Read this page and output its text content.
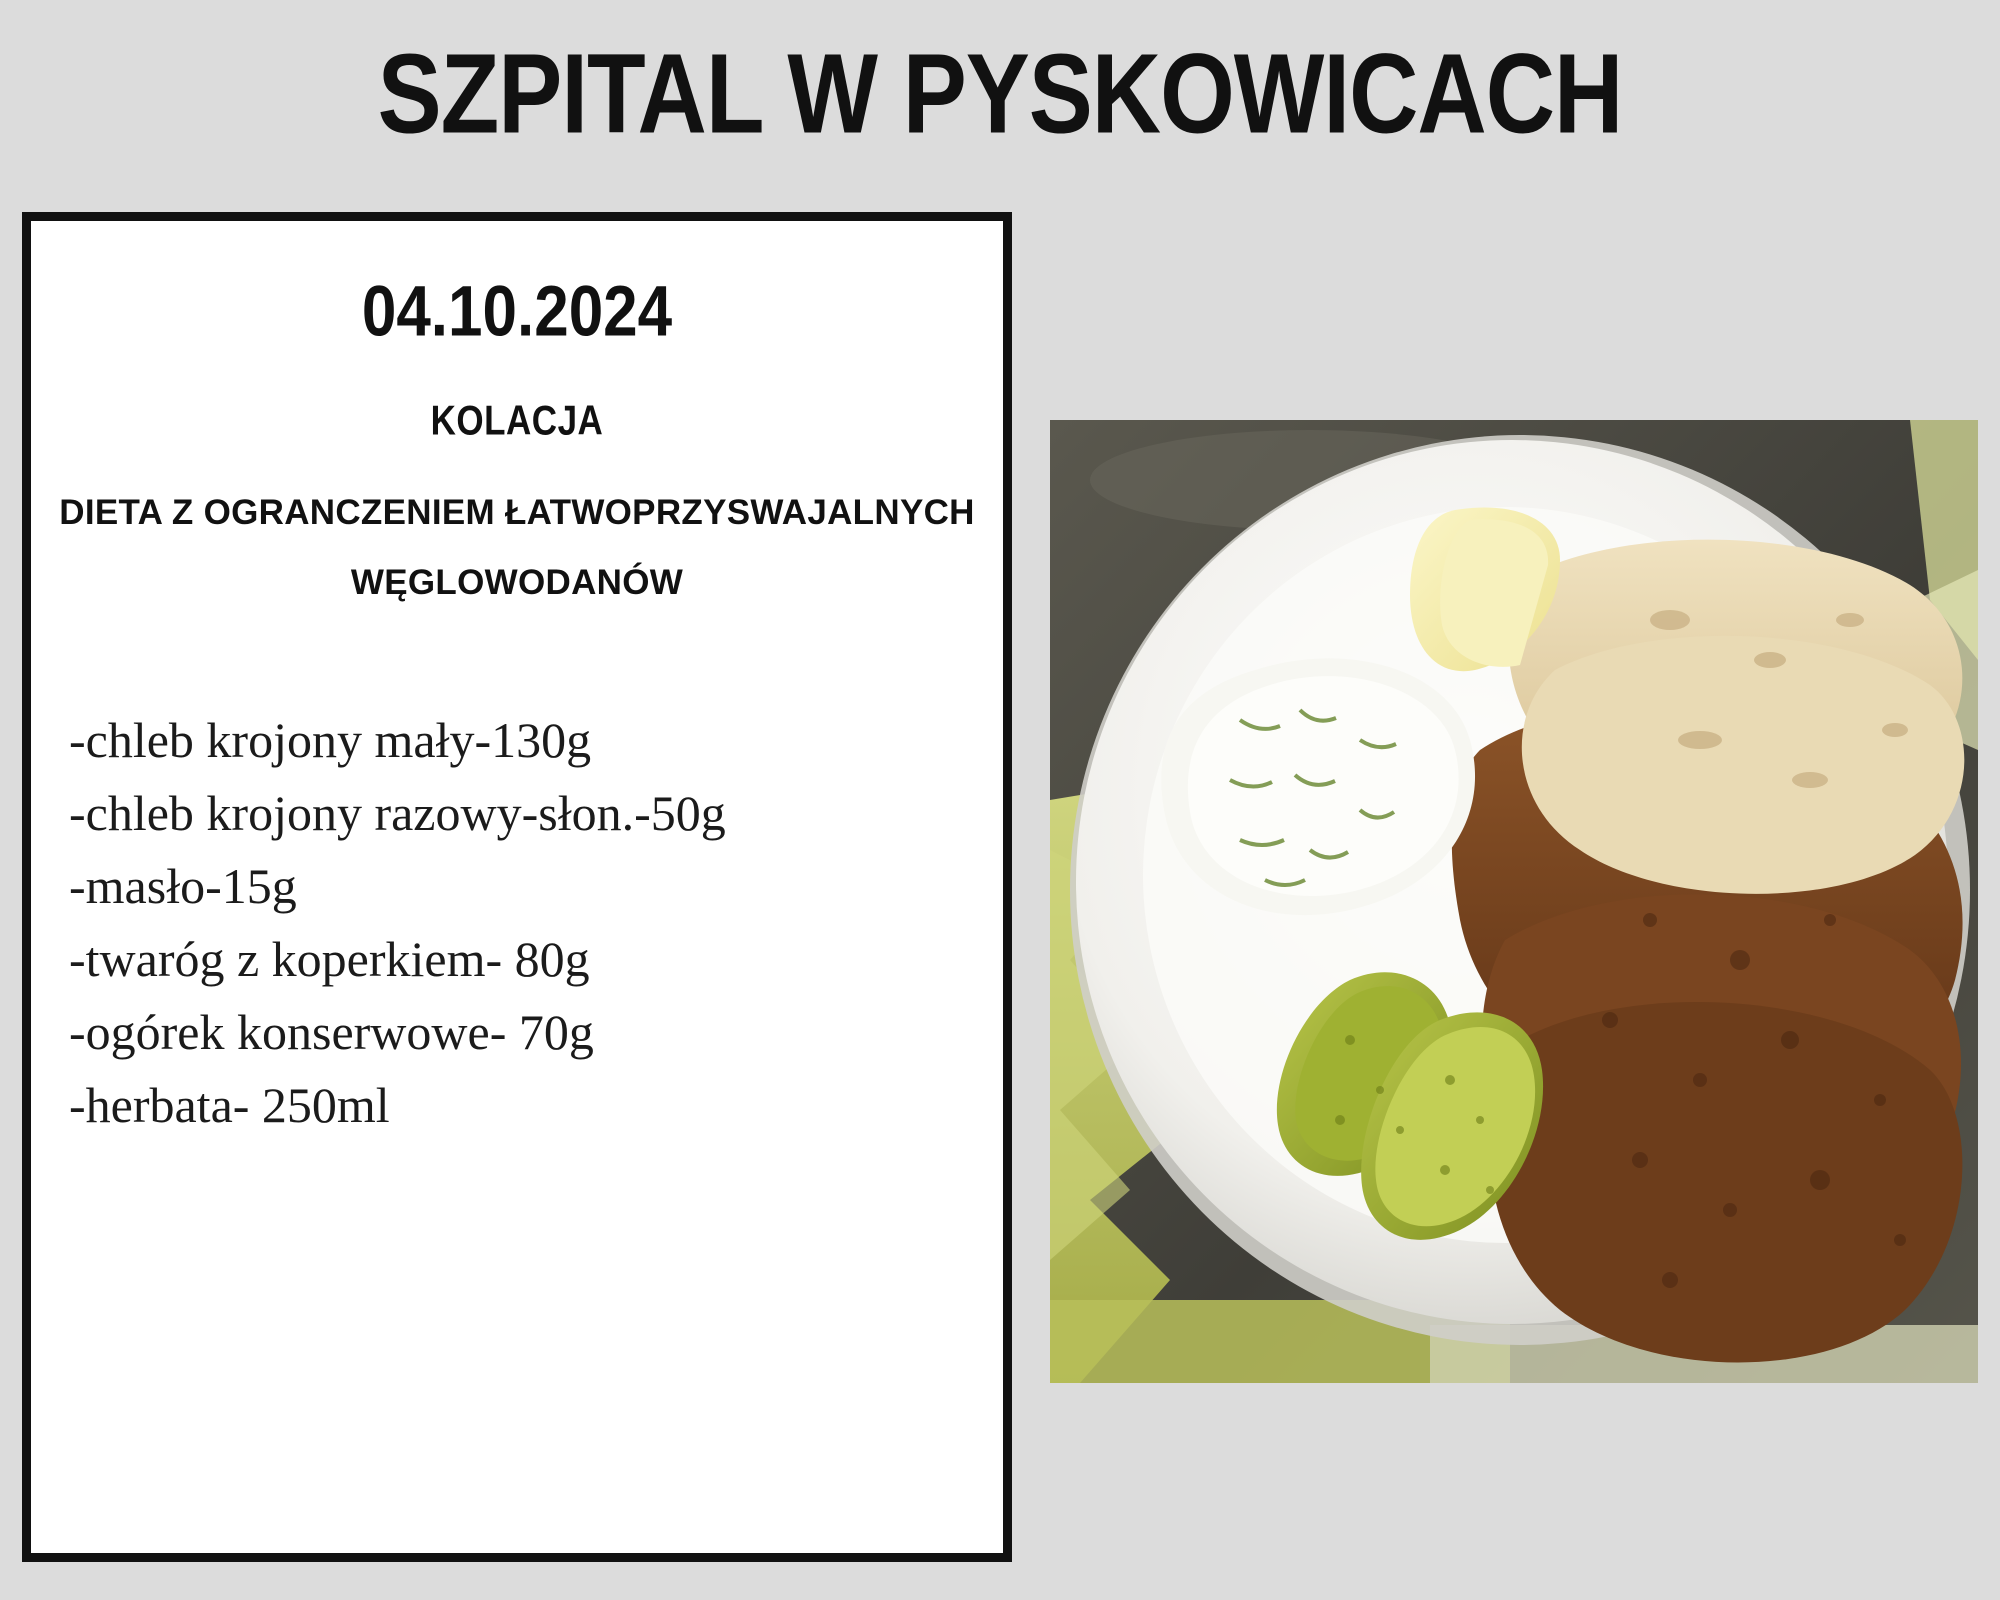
SZPITAL W PYSKOWICACH
04.10.2024
KOLACJA
DIETA Z OGRANCZENIEM ŁATWOPRZYSWAJALNYCH
WĘGLOWODANÓW
-chleb krojony mały-130g
-chleb krojony razowy-słon.-50g
-masło-15g
-twaróg z koperkiem- 80g
-ogórek konserwowe- 70g
-herbata- 250ml
